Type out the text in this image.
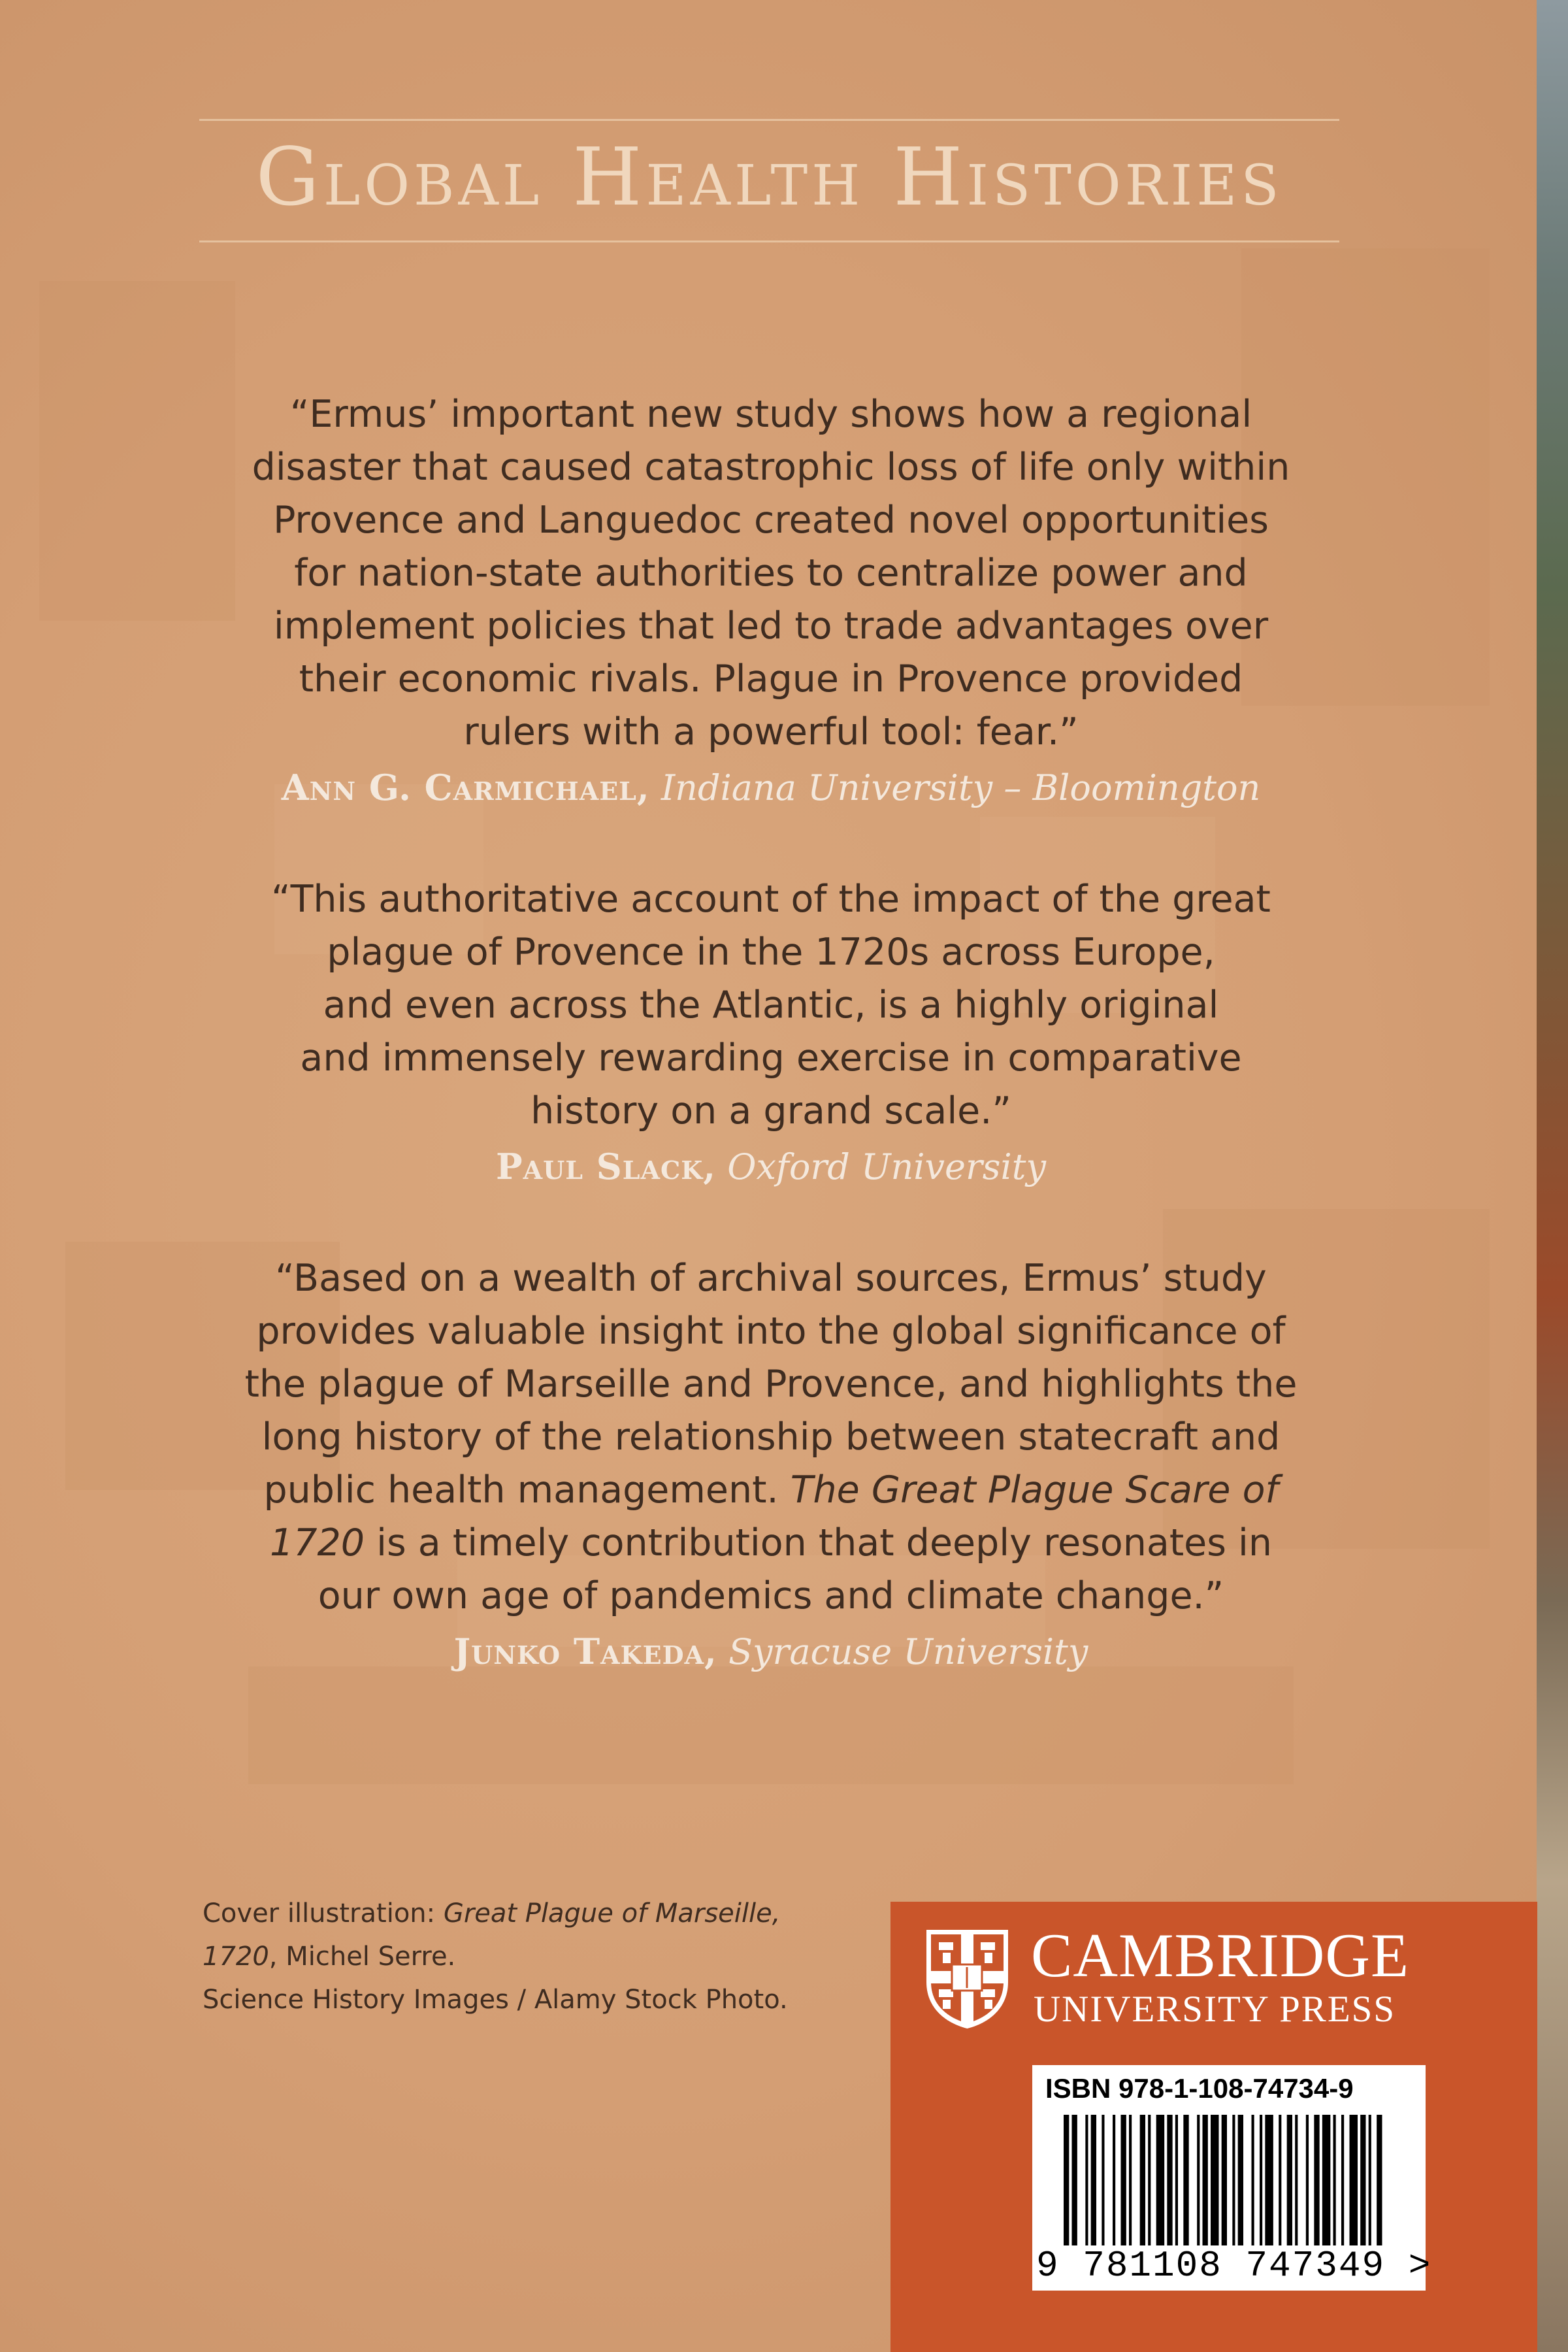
Global Health Histories

“Ermus’ important new study shows how a regional
disaster that caused catastrophic loss of life only within
Provence and Languedoc created novel opportunities
for nation-state authorities to centralize power and
implement policies that led to trade advantages over
their economic rivals. Plague in Provence provided
rulers with a powerful tool: fear.”

Ann G. Carmichael, Indiana University – Bloomington

“This authoritative account of the impact of the great
plague of Provence in the 1720s across Europe,
and even across the Atlantic, is a highly original
and immensely rewarding exercise in comparative
history on a grand scale.”

Paul Slack, Oxford University

“Based on a wealth of archival sources, Ermus’ study
provides valuable insight into the global significance of
the plague of Marseille and Provence, and highlights the
long history of the relationship between statecraft and
public health management. The Great Plague Scare of
1720 is a timely contribution that deeply resonates in
our own age of pandemics and climate change.”

Junko Takeda, Syracuse University
Cover illustration: Great Plague of Marseille,
1720, Michel Serre.
Science History Images / Alamy Stock Photo.
CAMBRIDGE
UNIVERSITY PRESS
ISBN 978-1-108-74734-9
9 781108 747349 >
